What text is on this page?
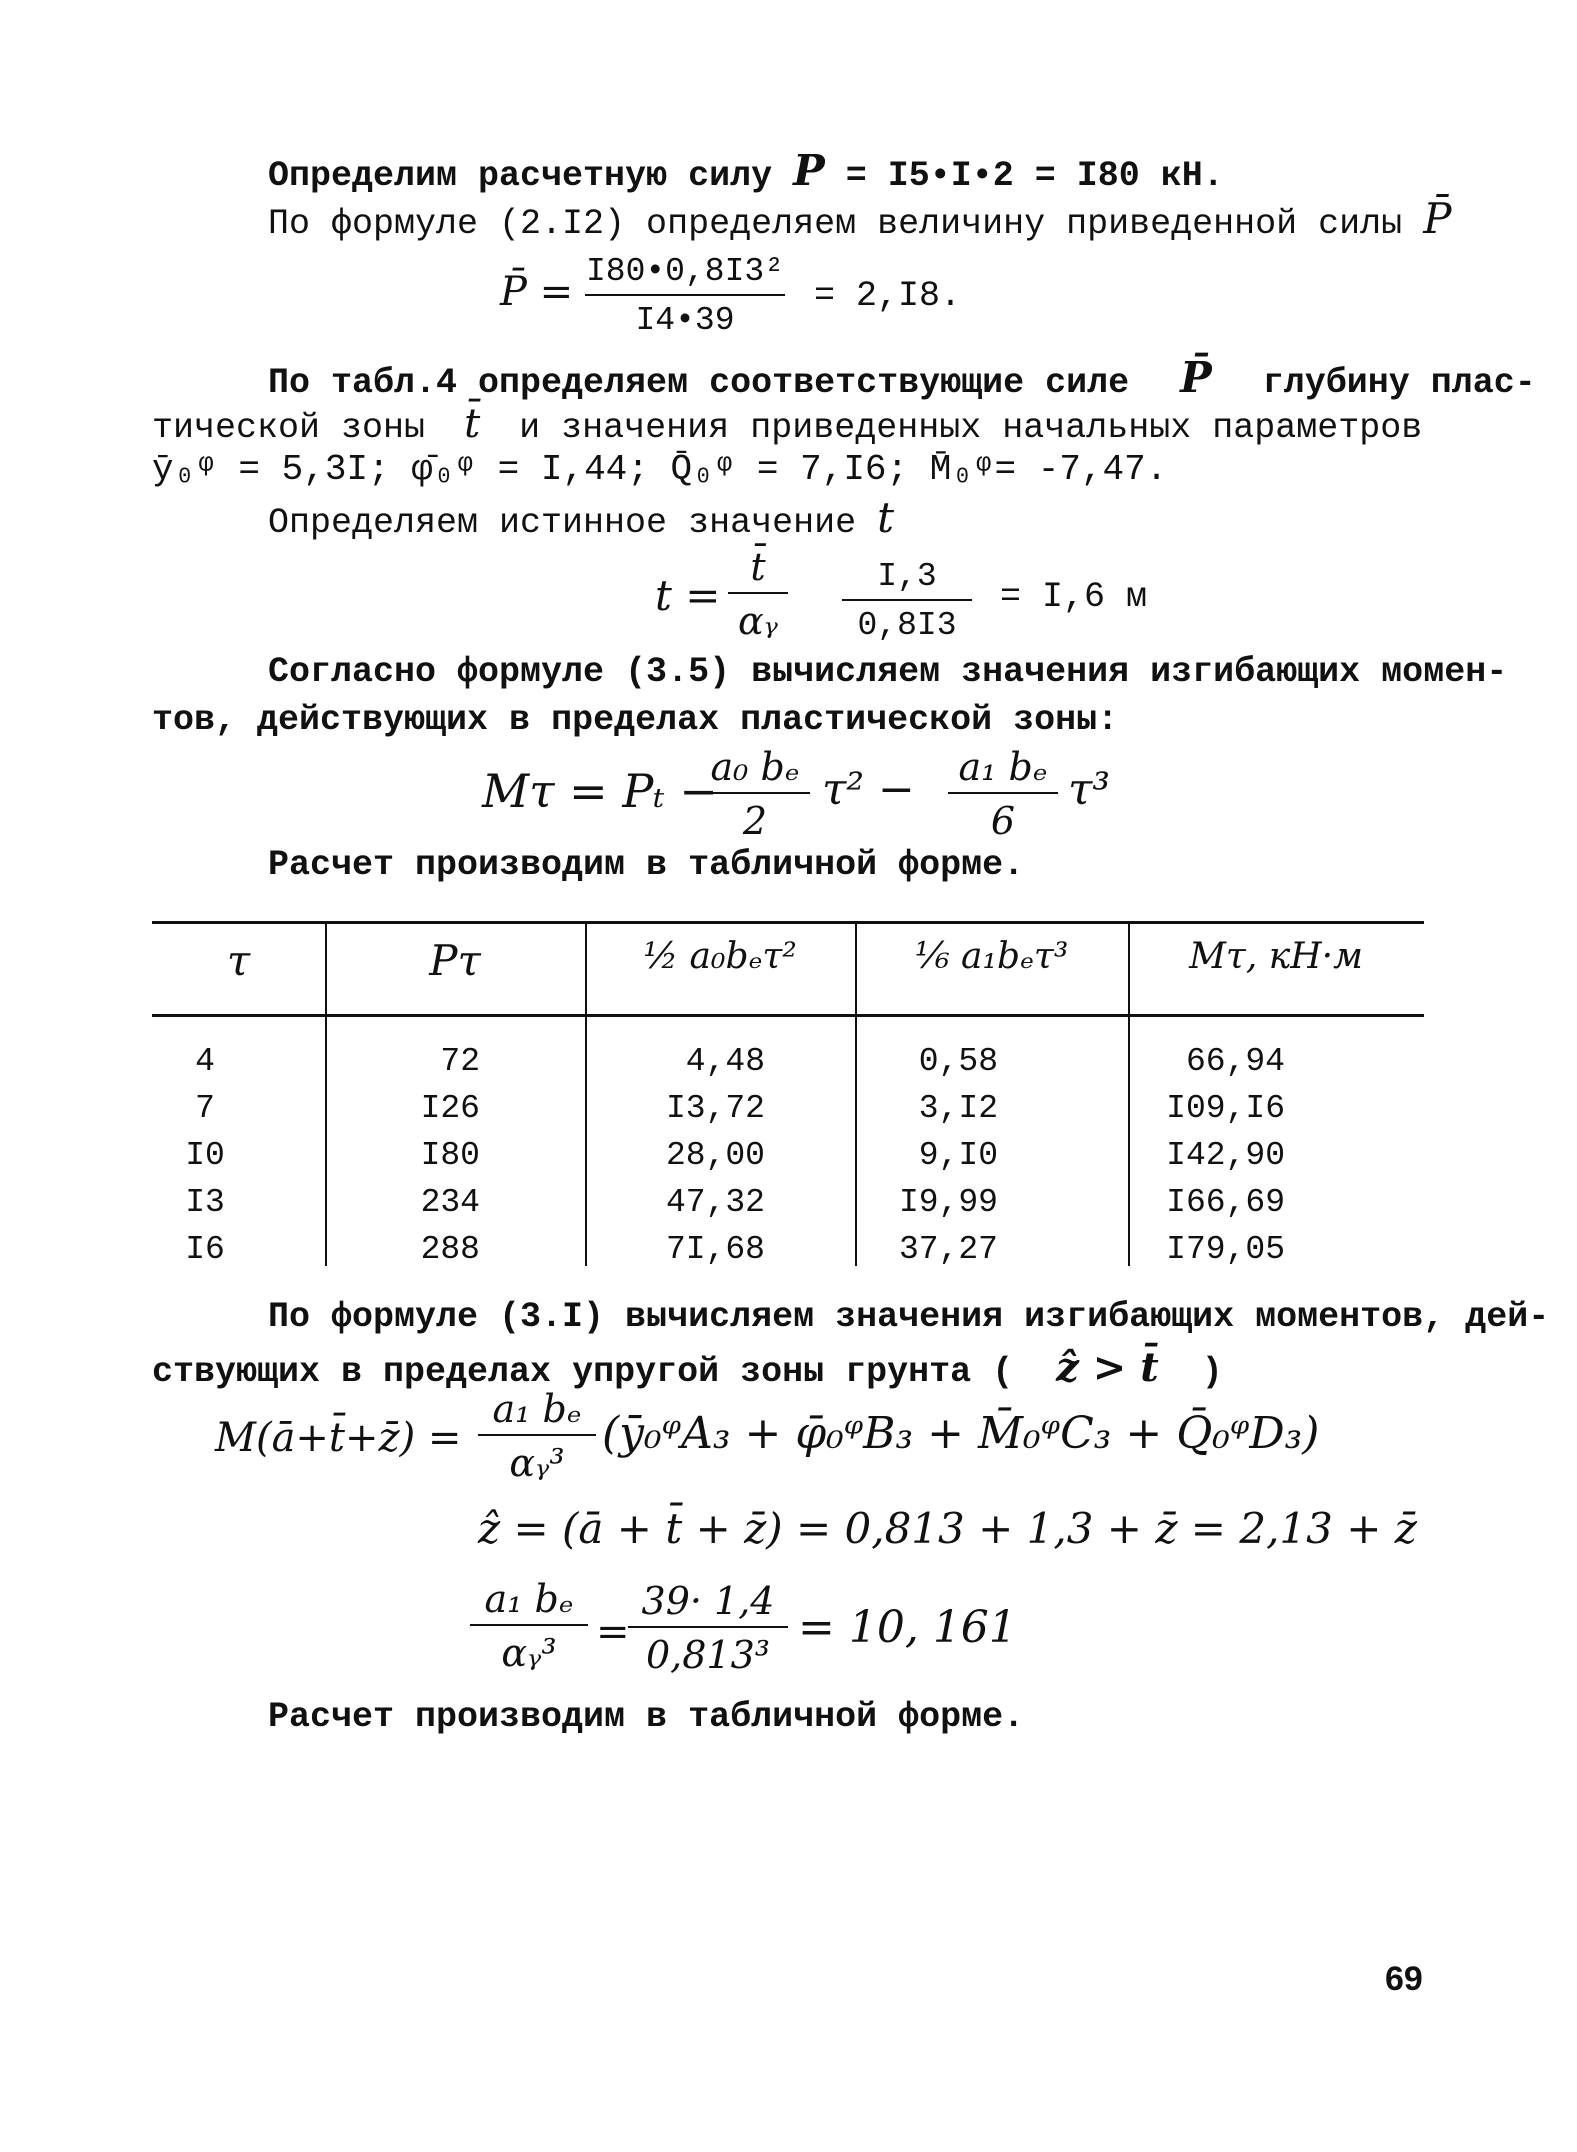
Определим расчетную силу P = I5•I•2 = I80 кН.
По формуле (2.I2) определяем величину приведенной силы P̄
P̄ = $\frac{\text{I80•0,8I3²}}{I4•39} = 2,I8$.
По табл.4 определяем соответствующие силе P̄ глубину плас-
тической зоны t̄ и значения приведенных начальных параметров
ȳ₀ᵠ = 5,3I; φ̄₀ᵠ = I,44; Q̄₀ᵠ = 7,I6; M̄₀ᵠ= -7,47.
Определяем истинное значение t
$t = \frac{t̄}{\text{αᵧ}} \frac{I,3}{0,8I3} = I,6$ м
Согласно формуле (3.5) вычисляем значения изгибающих момен-
тов, действующих в пределах пластической зоны:
Mτ = Pₜ −
$\frac{\text{a₀ bₑ}}{2} \tau^2 - \frac{\text{a₁ bₑ}}{6} \tau^3$
Расчет производим в табличной форме.
τ	Pτ	½ a₀bₑτ²	⅙ a₁bₑτ³	Mτ, кН·м
4	72	4,48	0,58	66,94
7	I26	I3,72	3,I2	I09,I6
I0	I80	28,00	9,I0	I42,90
I3	234	47,32	I9,99	I66,69
I6	288	7I,68	37,27	I79,05
По формуле (3.I) вычисляем значения изгибающих моментов, дей-
ствующих в пределах упругой зоны грунта ( ẑ > t̄ )
M(ā+t̄+z̄) = $\frac{\text{a₁ bₑ}}{\text{αᵧ³}}$ (ȳ₀ᵠA₃ + φ̄₀ᵠB₃ + M̄₀ᵠC₃ + Q̄₀ᵠD₃)
ẑ = (ā + t̄ + z̄) = 0,813 + 1,3 + z̄ = 2,13 + z̄
$\frac{\text{a₁ bₑ}}{\text{αᵧ³}}$ =
$\frac{39\cdot 1,4}{\text{0,813³}} = 10$, 161
Расчет производим в табличной форме.
69
